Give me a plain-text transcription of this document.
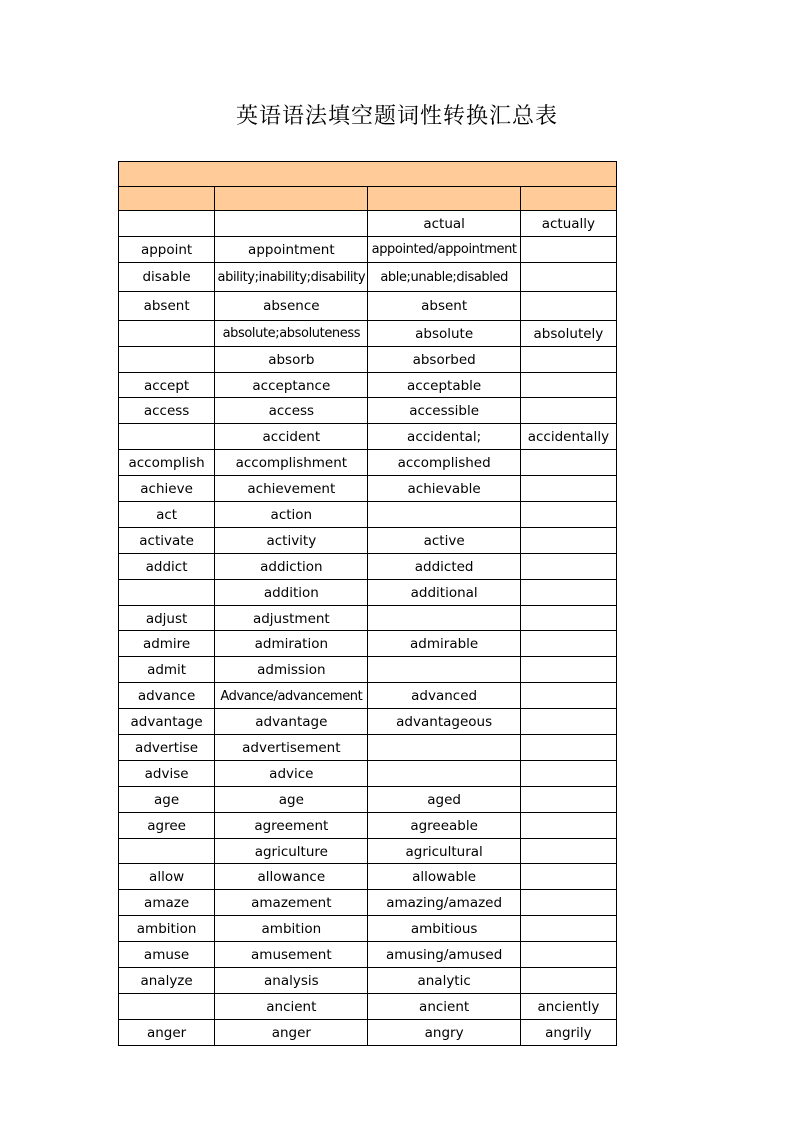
英语语法填空题词性转换汇总表

		actual	actually
appoint	appointment	appointed/appointment	
disable	ability;inability;disability	able;unable;disabled	
absent	absence	absent	
	absolute;absoluteness	absolute	absolutely
	absorb	absorbed	
accept	acceptance	acceptable	
access	access	accessible	
	accident	accidental;	accidentally
accomplish	accomplishment	accomplished	
achieve	achievement	achievable	
act	action		
activate	activity	active	
addict	addiction	addicted	
	addition	additional	
adjust	adjustment		
admire	admiration	admirable	
admit	admission		
advance	Advance/advancement	advanced	
advantage	advantage	advantageous	
advertise	advertisement		
advise	advice		
age	age	aged	
agree	agreement	agreeable	
	agriculture	agricultural	
allow	allowance	allowable	
amaze	amazement	amazing/amazed	
ambition	ambition	ambitious	
amuse	amusement	amusing/amused	
analyze	analysis	analytic	
	ancient	ancient	anciently
anger	anger	angry	angrily
